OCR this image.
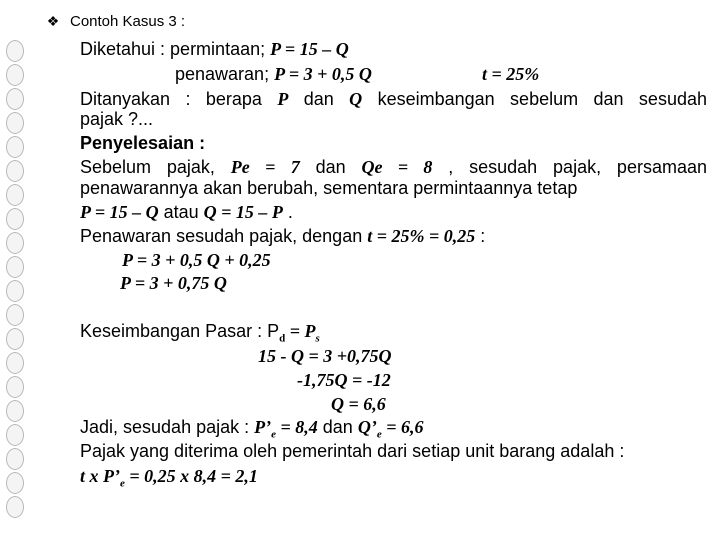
❖ Contoh Kasus 3 :
Diketahui : permintaan; P = 15 – Q
penawaran; P = 3 + 0,5 Q	t = 25%
Ditanyakan : berapa P dan Q keseimbangan sebelum dan sesudah
pajak ?...
Penyelesaian :
Sebelum pajak, Pe = 7 dan Qe = 8 , sesudah pajak, persamaan
penawarannya akan berubah, sementara permintaannya tetap
P = 15 – Q atau Q = 15 – P .
Penawaran sesudah pajak, dengan t = 25% = 0,25 :
P = 3 + 0,5 Q + 0,25
P = 3 + 0,75 Q
Keseimbangan Pasar : $P_d = P_s$
15 - Q = 3 +0,75Q
-1,75Q = -12
Q = 6,6
Jadi, sesudah pajak : $P’_e = 8,4$ dan $Q’_e = 6,6$
Pajak yang diterima oleh pemerintah dari setiap unit barang adalah :
t x $P’_e = 0,25$ x 8,4 = 2,1
